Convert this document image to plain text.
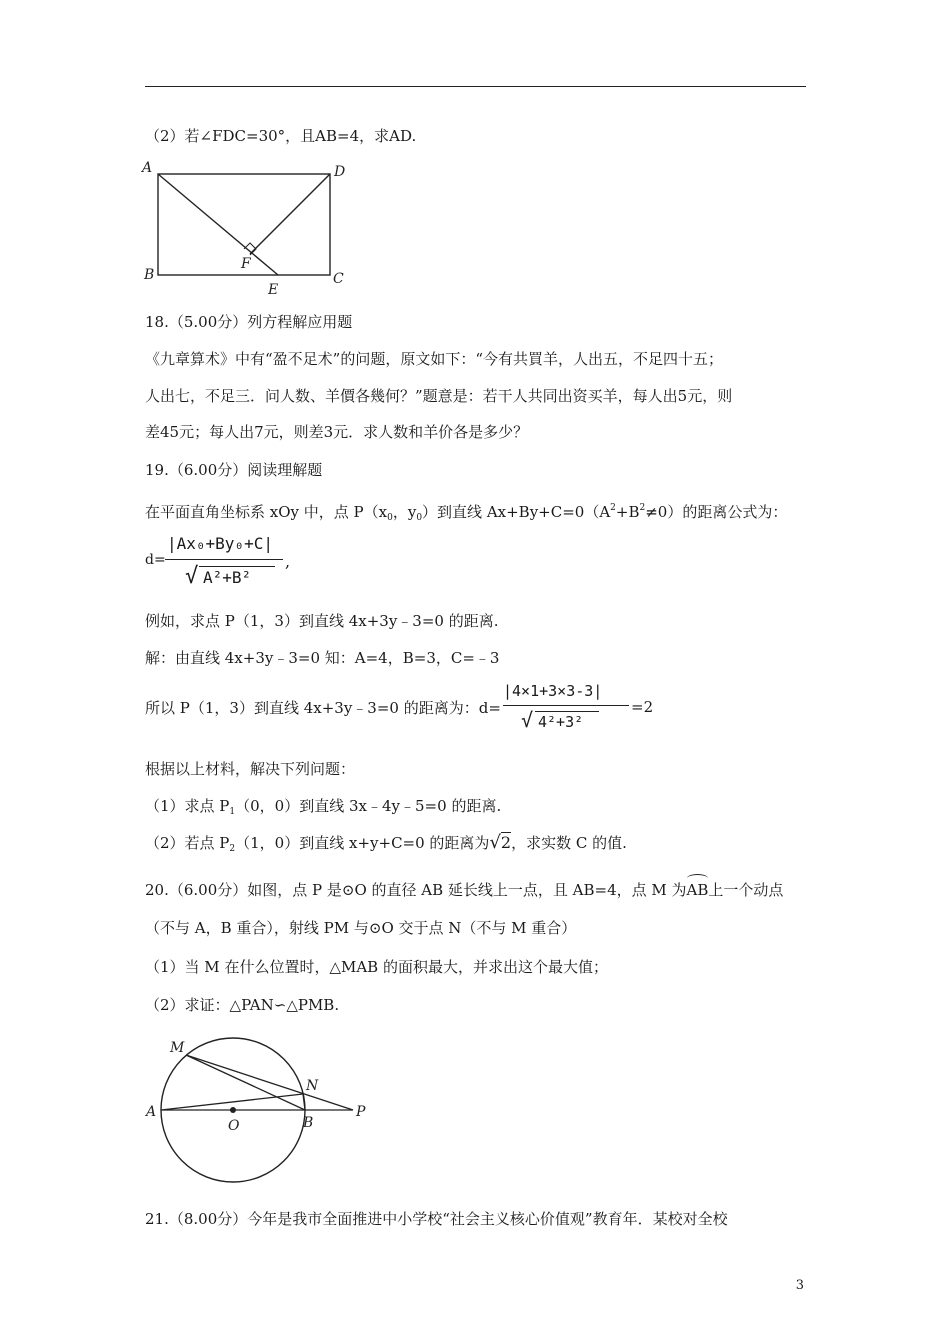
（2）若∠FDC=30°，且AB=4，求AD.
A	D
B	C
F
E
18.（5.00分）列方程解应用题
《九章算术》中有“盈不足术”的问题，原文如下：“今有共買羊，人出五，不足四十五；
人出七，不足三．问人数、羊價各幾何？”题意是：若干人共同出资买羊，每人出5元，则
差45元；每人出7元，则差3元．求人数和羊价各是多少？
19.（6.00分）阅读理解题
在平面直角坐标系 xOy 中，点 $P(x_0$，$y_0$）到直线 $Ax+By+C=0(A^2+B^2\ne 0)$的距离公式为：
d=
|Ax₀+By₀+C|
√ A²+B²
,
例如，求点 P（1，3）到直线 4x+3y﹣3=0 的距离.
解：由直线 4x+3y﹣3=0 知：A=4，B=3，C=﹣3
所以 P（1，3）到直线 4x+3y﹣3=0 的距离为：d=
|4×1+3×3-3|
√ 4²+3²
=2
根据以上材料，解决下列问题：
（1）求点 $P_1(0$，0）到直线 3x﹣4y﹣5=0 的距离.
（2）若点 $P_2(1$，0）到直线 x+y+C=0 的距离为√2，求实数 C 的值.
20.（6.00分）如图，点 P 是⊙O 的直径 AB 延长线上一点，且 AB=4，点 M 为AB上一个动点
（不与 A，B 重合），射线 PM 与⊙O 交于点 N（不与 M 重合）
（1）当 M 在什么位置时，△MAB 的面积最大，并求出这个最大值；
（2）求证：△PAN∽△PMB.
M
N
A
O	B
P
21.（8.00分）今年是我市全面推进中小学校“社会主义核心价值观”教育年．某校对全校
3
